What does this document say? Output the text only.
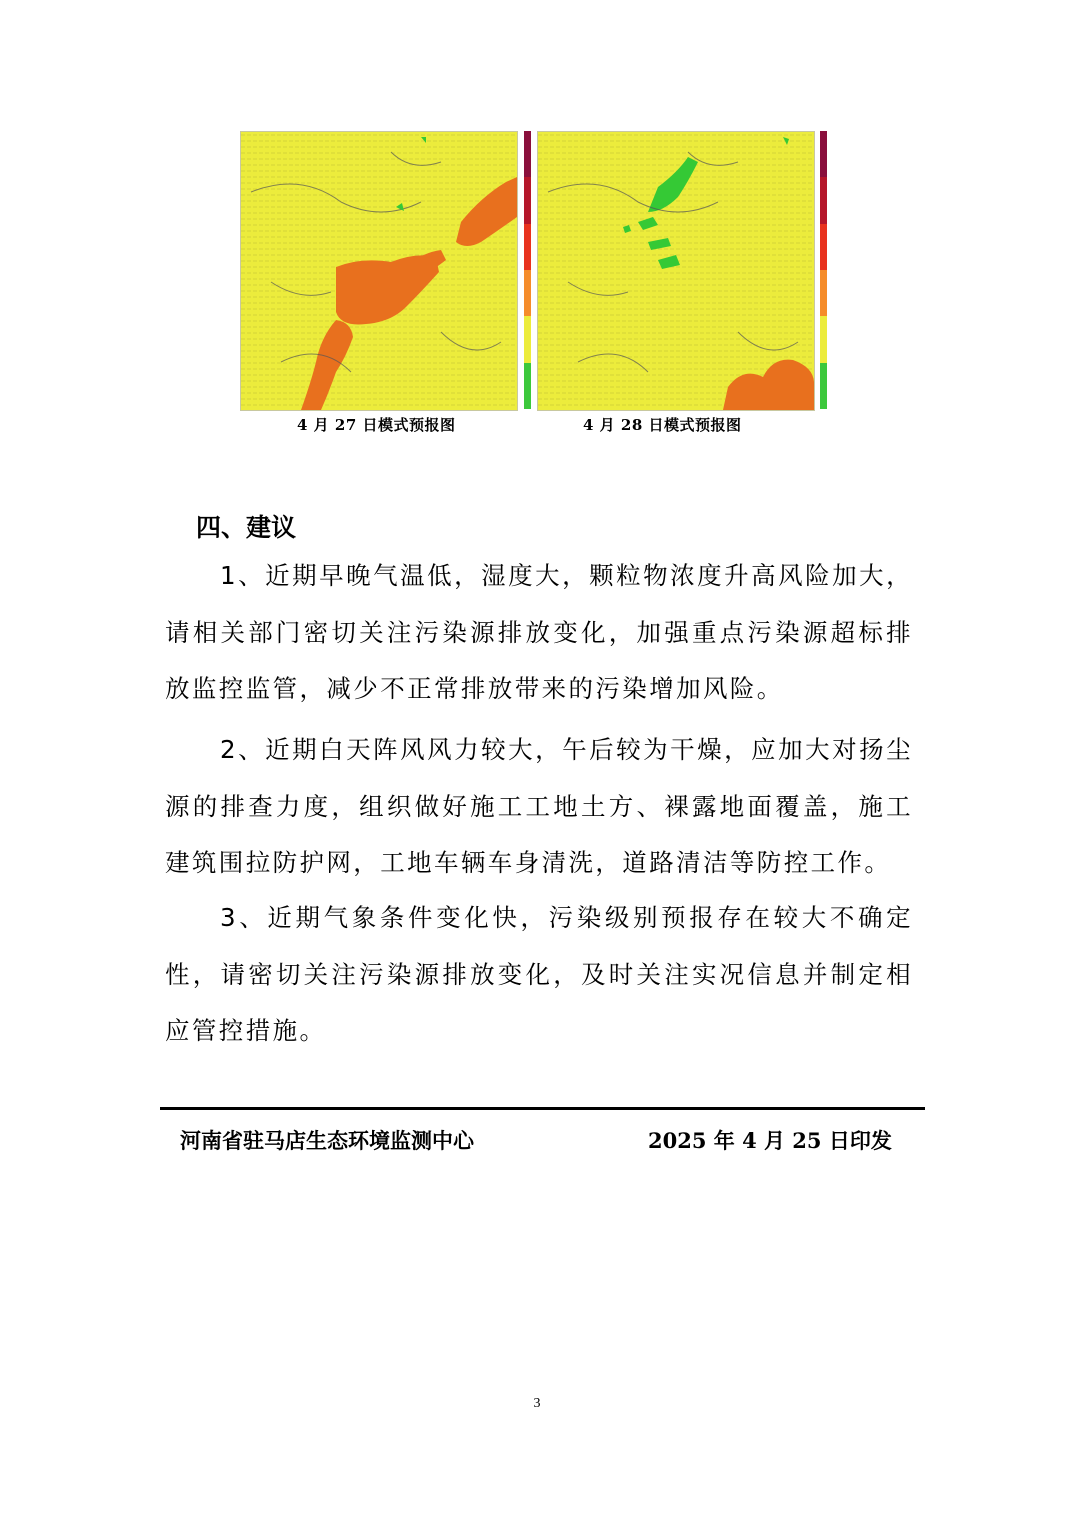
4 月 27 日模式预报图	4 月 28 日模式预报图
四、建议

1、近期早晚气温低，湿度大，颗粒物浓度升高风险加大，请相关部门密切关注污染源排放变化，加强重点污染源超标排放监控监管，减少不正常排放带来的污染增加风险。

2、近期白天阵风风力较大，午后较为干燥，应加大对扬尘源的排查力度，组织做好施工工地土方、裸露地面覆盖，施工建筑围拉防护网，工地车辆车身清洗，道路清洁等防控工作。

3、近期气象条件变化快，污染级别预报存在较大不确定性，请密切关注污染源排放变化，及时关注实况信息并制定相应管控措施。

河南省驻马店生态环境监测中心	2025 年 4 月 25 日印发
3
